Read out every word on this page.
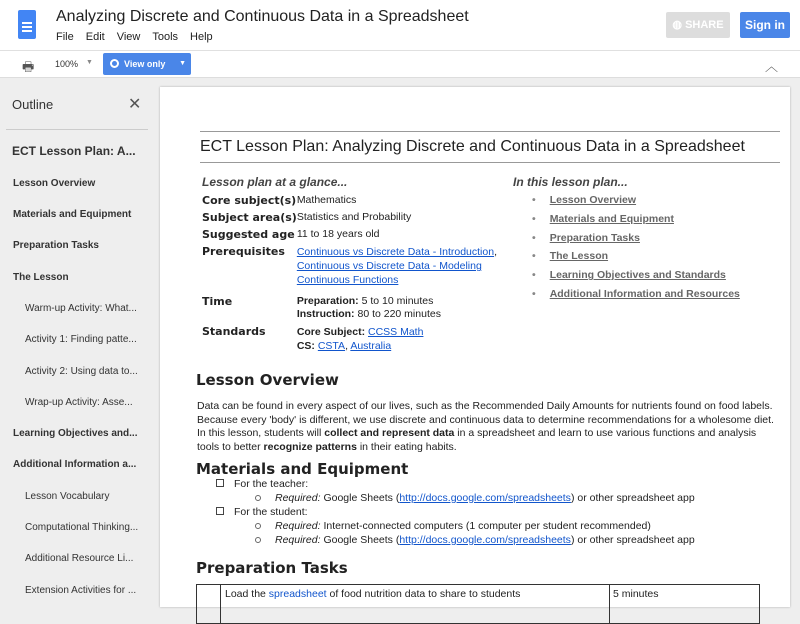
Analyzing Discrete and Continuous Data in a Spreadsheet
File Edit View Tools Help
◍ SHARE	Sign in
🖶 100% ▼	View only ▼	︿
Outline	✕
ECT Lesson Plan: A...
Lesson Overview
Materials and Equipment
Preparation Tasks
The Lesson
Warm-up Activity: What...
Activity 1: Finding patte...
Activity 2: Using data to...
Wrap-up Activity: Asse...
Learning Objectives and...
Additional Information a...
Lesson Vocabulary
Computational Thinking...
Additional Resource Li...
Extension Activities for ...
ECT Lesson Plan: Analyzing Discrete and Continuous Data in a Spreadsheet
Lesson plan at a glance...	In this lesson plan...
Core subject(s)	Mathematics
Subject area(s)	Statistics and Probability
Suggested age	11 to 18 years old
Prerequisites	Continuous vs Discrete Data - Introduction, Continuous vs Discrete Data - Modeling Continuous Functions
Time	Preparation: 5 to 10 minutes
Instruction: 80 to 220 minutes
Standards	Core Subject: CCSS Math
CS: CSTA, Australia
• Lesson Overview
• Materials and Equipment
• Preparation Tasks
• The Lesson
• Learning Objectives and Standards
• Additional Information and Resources
Lesson Overview
Data can be found in every aspect of our lives, such as the Recommended Daily Amounts for nutrients found on food labels. Because every 'body' is different, we use discrete and continuous data to determine recommendations for a wholesome diet. In this lesson, students will collect and represent data in a spreadsheet and learn to use various functions and analysis tools to better recognize patterns in their eating habits.
Materials and Equipment
For the teacher:
Required: Google Sheets (http://docs.google.com/spreadsheets) or other spreadsheet app
For the student:
Required: Internet-connected computers (1 computer per student recommended)
Required: Google Sheets (http://docs.google.com/spreadsheets) or other spreadsheet app
Preparation Tasks
Load the spreadsheet of food nutrition data to share to students	5 minutes
